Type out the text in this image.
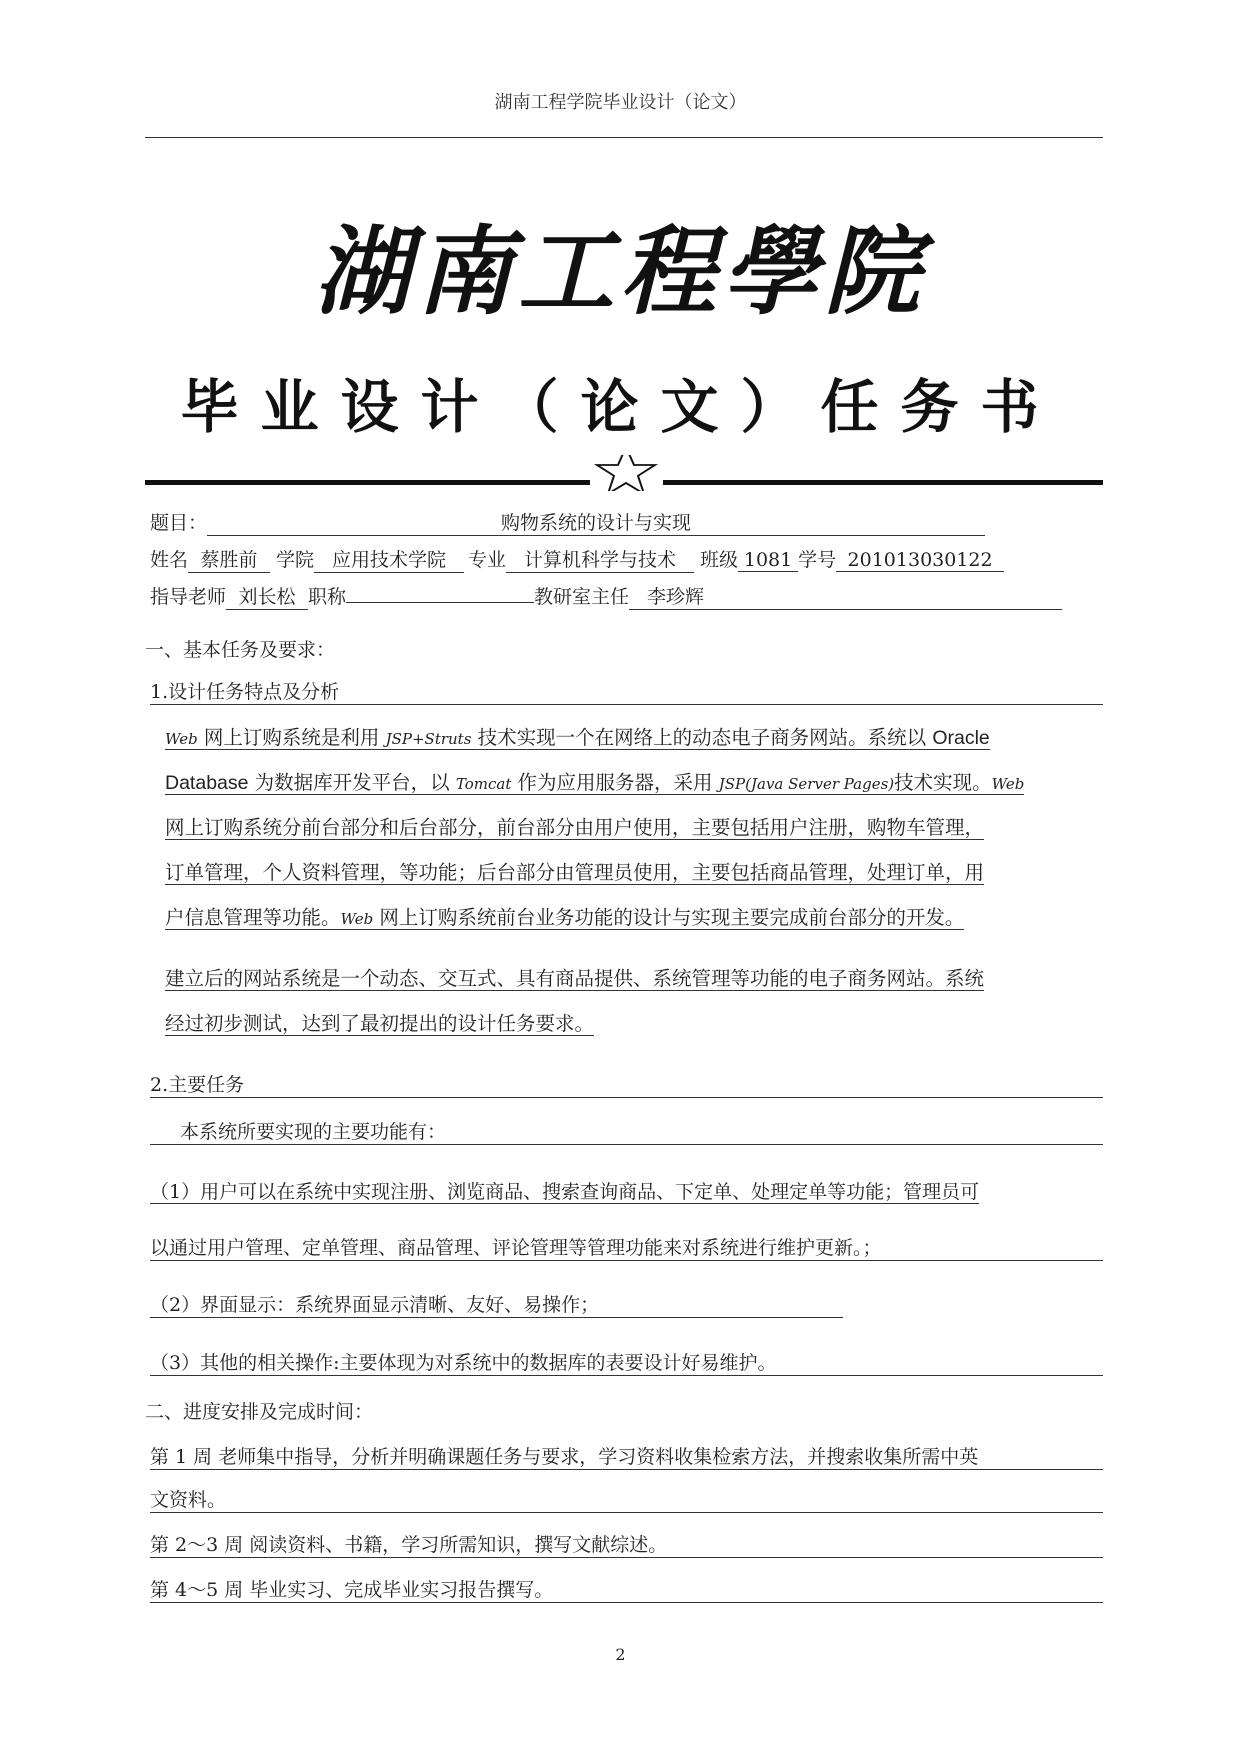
湖南工程学院毕业设计（论文）
湖南工程學院
毕业设计（论文）任务书
题目：	购物系统的设计与实现
姓名 蔡胜前 学院 应用技术学院 专业 计算机科学与技术 班级 1081 学号 201013030122
指导老师 刘长松 职称	教研室主任 李珍辉
一、基本任务及要求：
1.设计任务特点及分析
Web 网上订购系统是利用 JSP+Struts 技术实现一个在网络上的动态电子商务网站。系统以 Oracle
Database 为数据库开发平台，以 Tomcat 作为应用服务器，采用 JSP(Java Server Pages)技术实现。Web
网上订购系统分前台部分和后台部分，前台部分由用户使用，主要包括用户注册，购物车管理，
订单管理，个人资料管理，等功能；后台部分由管理员使用，主要包括商品管理，处理订单，用
户信息管理等功能。Web 网上订购系统前台业务功能的设计与实现主要完成前台部分的开发。
建立后的网站系统是一个动态、交互式、具有商品提供、系统管理等功能的电子商务网站。系统
经过初步测试，达到了最初提出的设计任务要求。
2.主要任务
本系统所要实现的主要功能有：
（1）用户可以在系统中实现注册、浏览商品、搜索查询商品、下定单、处理定单等功能；管理员可
以通过用户管理、定单管理、商品管理、评论管理等管理功能来对系统进行维护更新。；
（2）界面显示：系统界面显示清晰、友好、易操作；
（3）其他的相关操作:主要体现为对系统中的数据库的表要设计好易维护。
二、进度安排及完成时间：
第 1 周 老师集中指导，分析并明确课题任务与要求，学习资料收集检索方法，并搜索收集所需中英
文资料。
第 2～3 周 阅读资料、书籍，学习所需知识，撰写文献综述。
第 4～5 周 毕业实习、完成毕业实习报告撰写。
2
